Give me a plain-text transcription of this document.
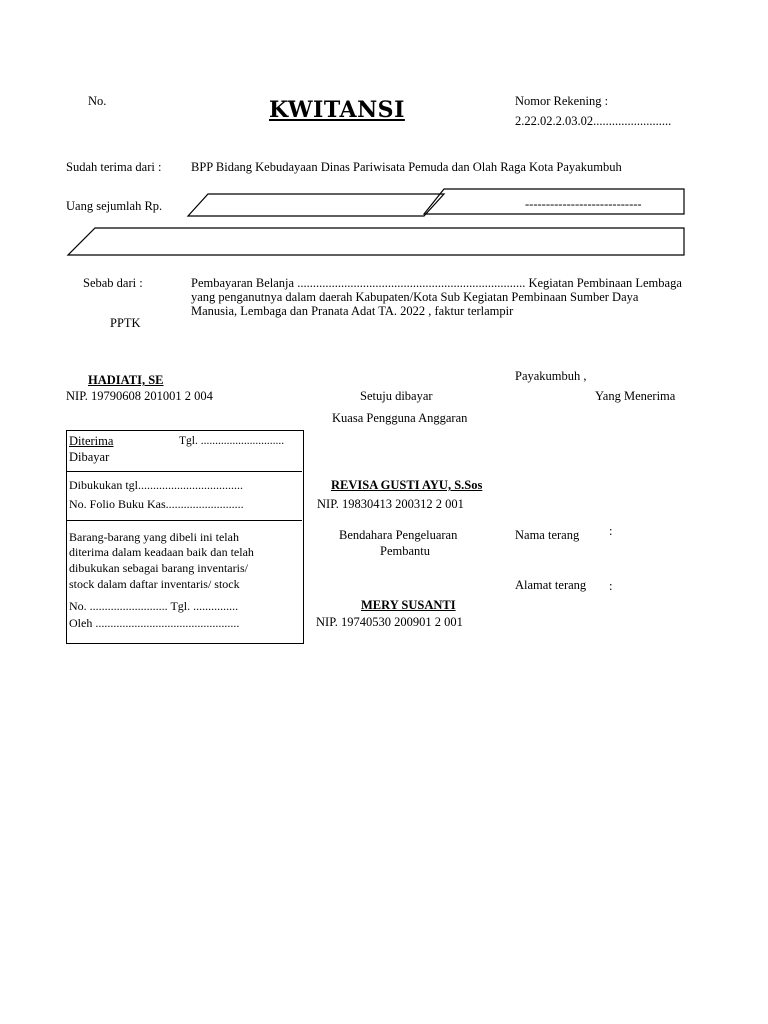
No.	KWITANSI	Nomor Rekening :
2.22.02.2.03.02.........................
Sudah terima dari : BPP Bidang Kebudayaan Dinas Pariwisata Pemuda dan Olah Raga Kota Payakumbuh
Uang sejumlah Rp.	----------------------------
Sebab dari :	Pembayaran Belanja ......................................................................... Kegiatan Pembinaan Lembaga
yang penganutnya dalam daerah Kabupaten/Kota Sub Kegiatan Pembinaan Sumber Daya
Manusia, Lembaga dan Pranata Adat TA. 2022 , faktur terlampir
PPTK
HADIATI, SE
NIP. 19790608 201001 2 004	Setuju dibayar
Kuasa Pengguna Anggaran
REVISA GUSTI AYU, S.Sos
NIP. 19830413 200312 2 001
Bendahara Pengeluaran
Pembantu
MERY SUSANTI
NIP. 19740530 200901 2 001
Payakumbuh ,
Yang Menerima
Nama terang :
Alamat terang :
Diterima	Tgl. .............................
Dibayar
Dibukukan tgl...................................
No. Folio Buku Kas..........................
Barang-barang yang dibeli ini telah
diterima dalam keadaan baik dan telah
dibukukan sebagai barang inventaris/
stock dalam daftar inventaris/ stock
No. .......................... Tgl. ...............
Oleh ................................................
